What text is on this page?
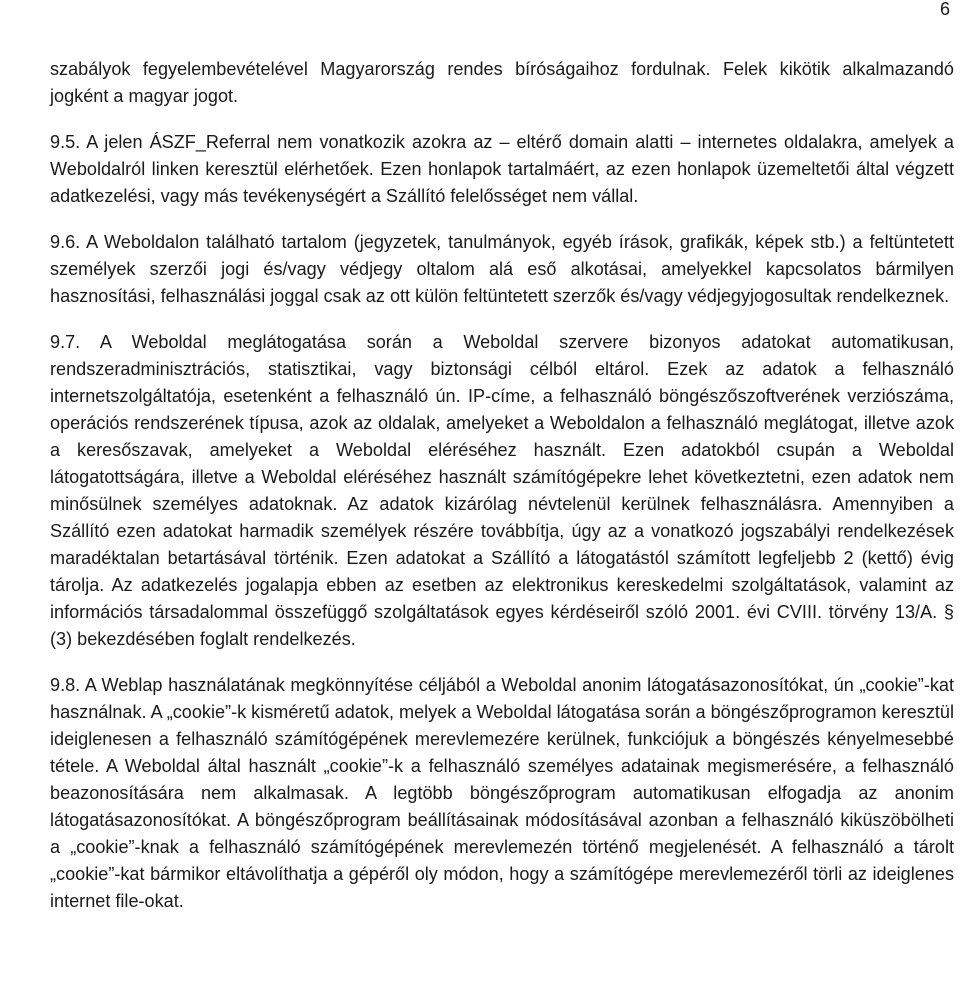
6

szabályok fegyelembevételével Magyarország rendes bíróságaihoz fordulnak. Felek kikötik alkalmazandó jogként a magyar jogot.

9.5. A jelen ÁSZF_Referral nem vonatkozik azokra az – eltérő domain alatti – internetes oldalakra, amelyek a Weboldalról linken keresztül elérhetőek. Ezen honlapok tartalmáért, az ezen honlapok üzemeltetői által végzett adatkezelési, vagy más tevékenységért a Szállító felelősséget nem vállal.

9.6. A Weboldalon található tartalom (jegyzetek, tanulmányok, egyéb írások, grafikák, képek stb.) a feltüntetett személyek szerzői jogi és/vagy védjegy oltalom alá eső alkotásai, amelyekkel kapcsolatos bármilyen hasznosítási, felhasználási joggal csak az ott külön feltüntetett szerzők és/vagy védjegyjogosultak rendelkeznek.

9.7. A Weboldal meglátogatása során a Weboldal szervere bizonyos adatokat automatikusan, rendszeradminisztrációs, statisztikai, vagy biztonsági célból eltárol. Ezek az adatok a felhasználó internetszolgáltatója, esetenként a felhasználó ún. IP-címe, a felhasználó böngészőszoftverének verziószáma, operációs rendszerének típusa, azok az oldalak, amelyeket a Weboldalon a felhasználó meglátogat, illetve azok a keresőszavak, amelyeket a Weboldal eléréséhez használt. Ezen adatokból csupán a Weboldal látogatottságára, illetve a Weboldal eléréséhez használt számítógépekre lehet következtetni, ezen adatok nem minősülnek személyes adatoknak. Az adatok kizárólag névtelenül kerülnek felhasználásra. Amennyiben a Szállító ezen adatokat harmadik személyek részére továbbítja, úgy az a vonatkozó jogszabályi rendelkezések maradéktalan betartásával történik. Ezen adatokat a Szállító a látogatástól számított legfeljebb 2 (kettő) évig tárolja. Az adatkezelés jogalapja ebben az esetben az elektronikus kereskedelmi szolgáltatások, valamint az információs társadalommal összefüggő szolgáltatások egyes kérdéseiről szóló 2001. évi CVIII. törvény 13/A. § (3) bekezdésében foglalt rendelkezés.

9.8. A Weblap használatának megkönnyítése céljából a Weboldal anonim látogatásazonosítókat, ún „cookie”-kat használnak. A „cookie”-k kisméretű adatok, melyek a Weboldal látogatása során a böngészőprogramon keresztül ideiglenesen a felhasználó számítógépének merevlemezére kerülnek, funkciójuk a böngészés kényelmesebbé tétele. A Weboldal által használt „cookie”-k a felhasználó személyes adatainak megismerésére, a felhasználó beazonosítására nem alkalmasak. A legtöbb böngészőprogram automatikusan elfogadja az anonim látogatásazonosítókat. A böngészőprogram beállításainak módosításával azonban a felhasználó kiküszöbölheti a „cookie”-knak a felhasználó számítógépének merevlemezén történő megjelenését. A felhasználó a tárolt „cookie”-kat bármikor eltávolíthatja a gépéről oly módon, hogy a számítógépe merevlemezéről törli az ideiglenes internet file-okat.
